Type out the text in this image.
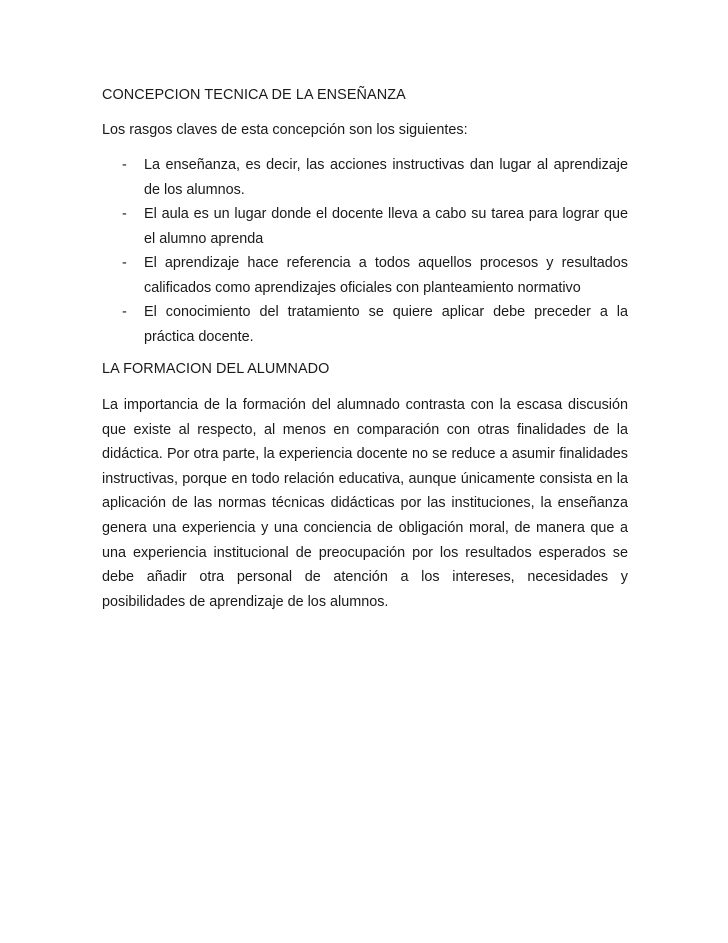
CONCEPCION TECNICA DE LA ENSEÑANZA

Los rasgos claves de esta concepción son los siguientes:

- La enseñanza, es decir, las acciones instructivas dan lugar al aprendizaje de los alumnos.
- El aula es un lugar donde el docente lleva a cabo su tarea para lograr que el alumno aprenda
- El aprendizaje hace referencia a todos aquellos procesos y resultados calificados como aprendizajes oficiales con planteamiento normativo
- El conocimiento del tratamiento se quiere aplicar debe preceder a la práctica docente.
LA FORMACION DEL ALUMNADO

La importancia de la formación del alumnado contrasta con la escasa discusión que existe al respecto, al menos en comparación con otras finalidades de la didáctica. Por otra parte, la experiencia docente no se reduce a asumir finalidades instructivas, porque en todo relación educativa, aunque únicamente consista en la aplicación de las normas técnicas didácticas por las instituciones, la enseñanza genera una experiencia y una conciencia de obligación moral, de manera que a una experiencia institucional de preocupación por los resultados esperados se debe añadir otra personal de atención a los intereses, necesidades y posibilidades de aprendizaje de los alumnos.
